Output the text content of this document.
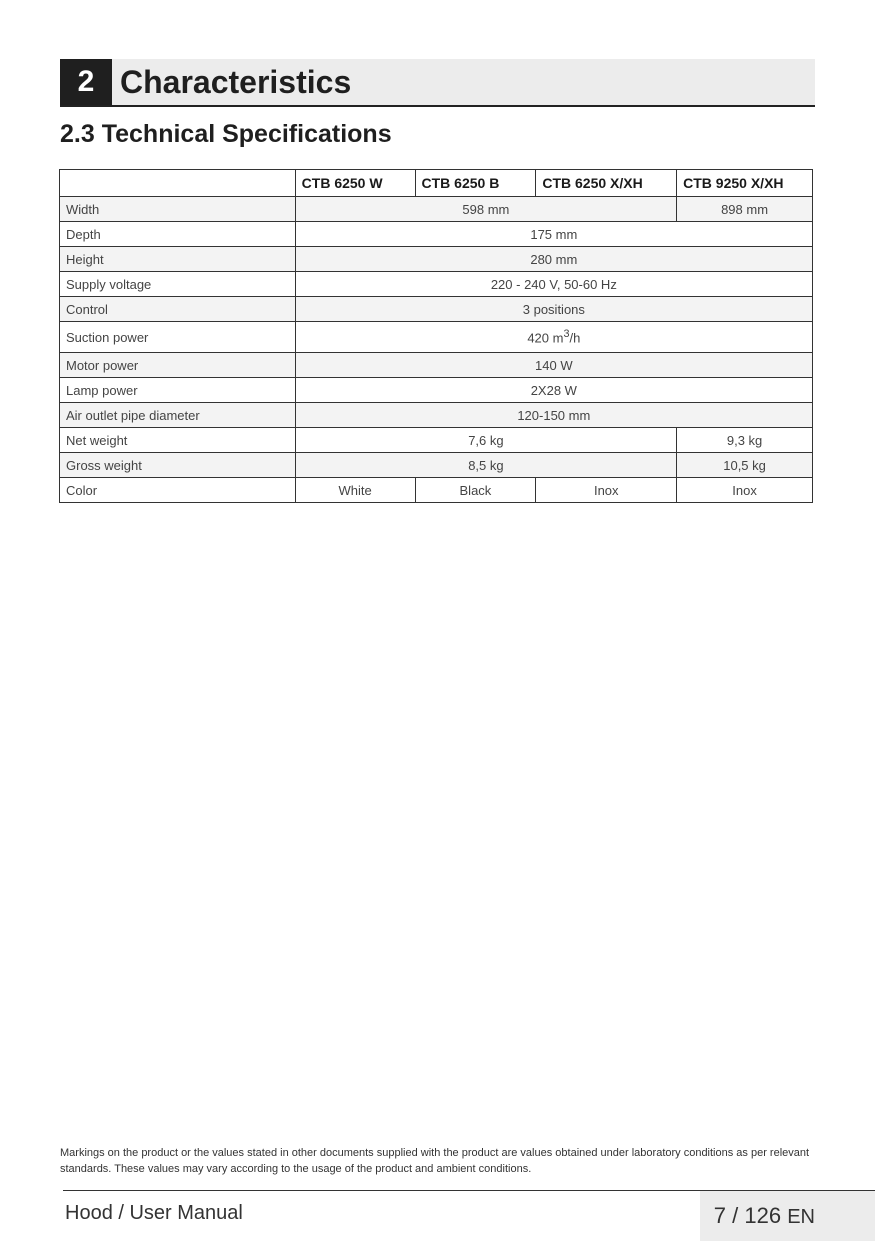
2 Characteristics
2.3 Technical Specifications
	CTB 6250 W	CTB 6250 B	CTB 6250 X/XH	CTB 9250 X/XH
Width	598 mm			898 mm
Depth	175 mm			
Height	280 mm			
Supply voltage	220 - 240 V, 50-60 Hz			
Control	3 positions			
Suction power	420 $m^3/h$			
Motor power	140 W			
Lamp power	2X28 W			
Air outlet pipe diameter	120-150 mm			
Net weight	7,6 kg			9,3 kg
Gross weight	8,5 kg			10,5 kg
Color	White	Black	Inox	Inox
Markings on the product or the values stated in other documents supplied with the product are values obtained under laboratory conditions as per relevant standards. These values may vary according to the usage of the product and ambient conditions.
Hood / User Manual	7 / 126 EN
